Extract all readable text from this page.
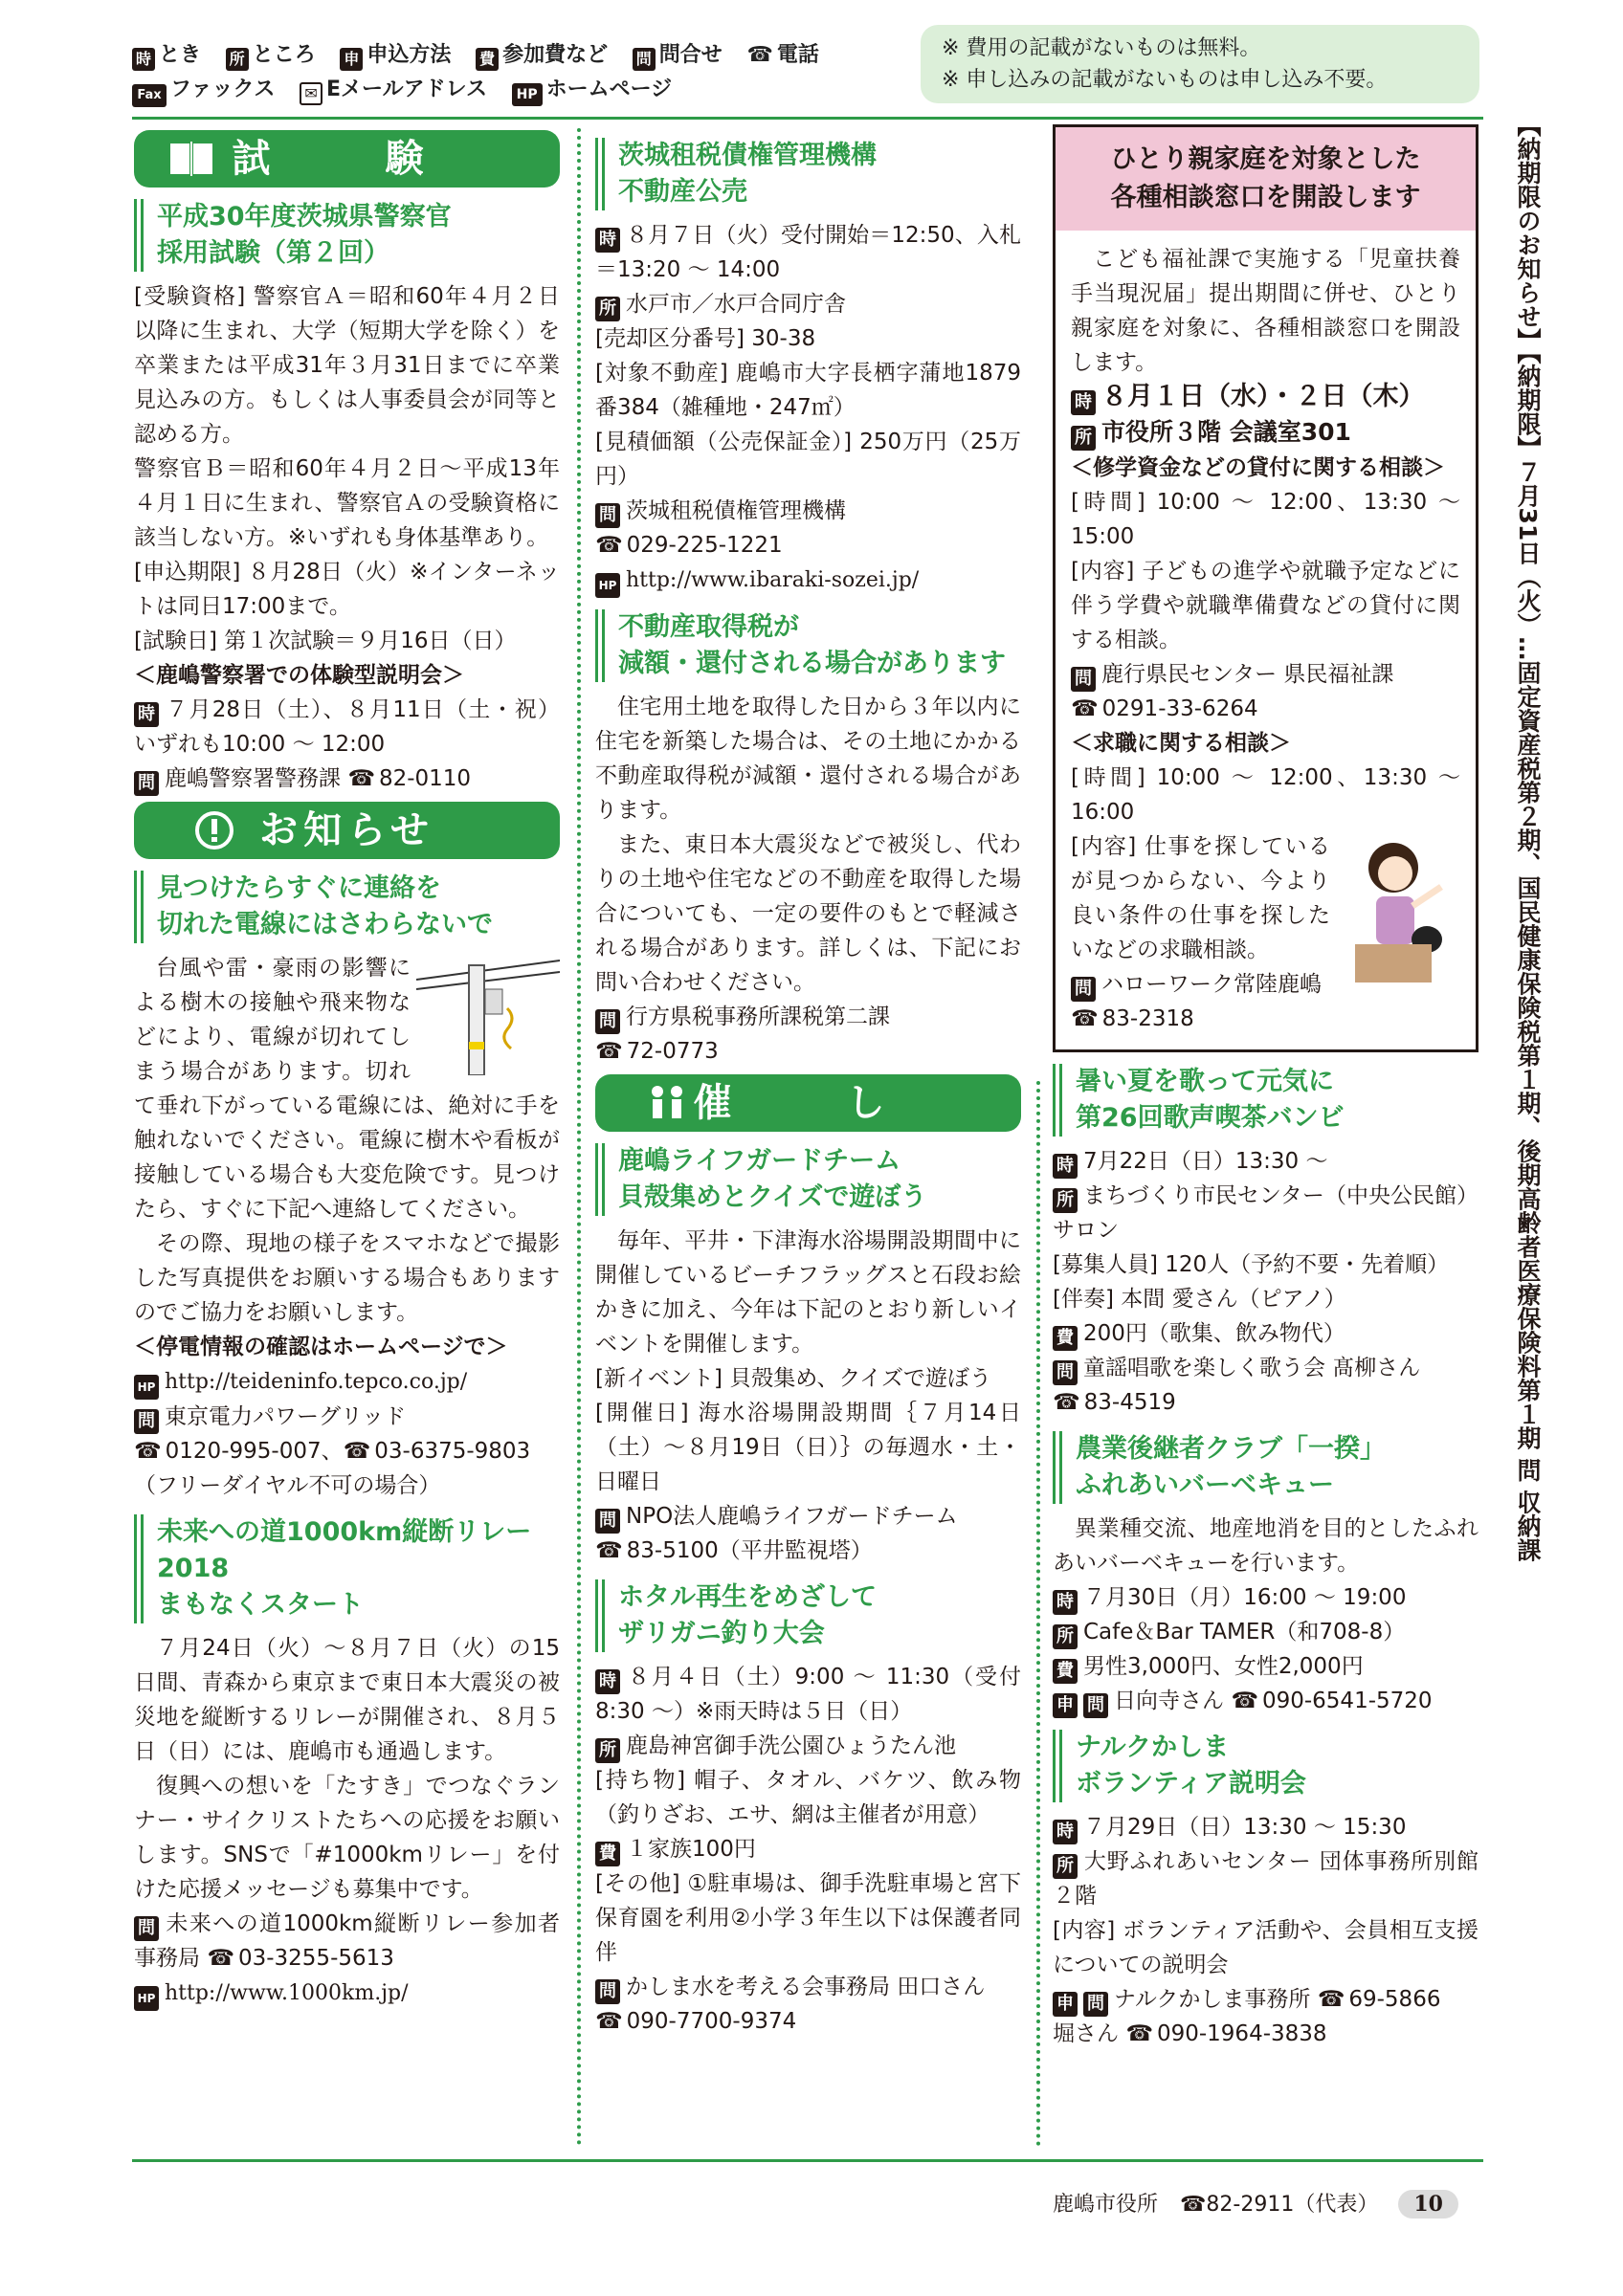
時 とき 所 ところ 申 申込方法 費 参加費など 問 問合せ ☎ 電話
Fax ファックス ✉ Eメールアドレス HP ホームページ
※ 費用の記載がないものは無料。
※ 申し込みの記載がないものは申し込み不要。
試　験
平成30年度茨城県警察官
採用試験（第２回）

[受験資格] 警察官Ａ＝昭和60年４月２日以降に生まれ、大学（短期大学を除く）を卒業または平成31年３月31日までに卒業見込みの方。もしくは人事委員会が同等と認める方。

警察官Ｂ＝昭和60年４月２日～平成13年４月１日に生まれ、警察官Ａの受験資格に該当しない方。※いずれも身体基準あり。

[申込期限] ８月28日（火）※インターネットは同日17:00まで。

[試験日] 第１次試験＝９月16日（日）

＜鹿嶋警察署での体験型説明会＞

時 ７月28日（土）、８月11日（土・祝）いずれも10:00 ～ 12:00

問 鹿嶋警察署警務課 ☎ 82-0110

お知らせ
見つけたらすぐに連絡を
切れた電線にはさわらないで

台風や雷・豪雨の影響による樹木の接触や飛来物などにより、電線が切れてしまう場合があります。切れて垂れ下がっている電線には、絶対に手を触れないでください。電線に樹木や看板が接触している場合も大変危険です。見つけたら、すぐに下記へ連絡してください。

その際、現地の様子をスマホなどで撮影した写真提供をお願いする場合もありますのでご協力をお願いします。

＜停電情報の確認はホームページで＞

HP http://teideninfo.tepco.co.jp/

問 東京電力パワーグリッド

☎ 0120-995-007、☎ 03-6375-9803

（フリーダイヤル不可の場合）

未来への道1000km縦断リレー2018
まもなくスタート

７月24日（火）～８月７日（火）の15日間、青森から東京まで東日本大震災の被災地を縦断するリレーが開催され、８月５日（日）には、鹿嶋市も通過します。

復興への想いを「たすき」でつなぐランナー・サイクリストたちへの応援をお願いします。SNSで「#1000kmリレー」を付けた応援メッセージも募集中です。

問 未来への道1000km縦断リレー参加者事務局 ☎ 03-3255-5613

HP http://www.1000km.jp/

茨城租税債権管理機構
不動産公売

時 ８月７日（火）受付開始＝12:50、入札＝13:20 ～ 14:00

所 水戸市／水戸合同庁舎

[売却区分番号] 30-38

[対象不動産] 鹿嶋市大字長栖字蒲地1879番384（雑種地・247㎡）

[見積価額（公売保証金）] 250万円（25万円）

問 茨城租税債権管理機構

☎ 029-225-1221

HP http://www.ibaraki-sozei.jp/

不動産取得税が
減額・還付される場合があります

住宅用土地を取得した日から３年以内に住宅を新築した場合は、その土地にかかる不動産取得税が減額・還付される場合があります。

また、東日本大震災などで被災し、代わりの土地や住宅などの不動産を取得した場合についても、一定の要件のもとで軽減される場合があります。詳しくは、下記にお問い合わせください。

問 行方県税事務所課税第二課

☎ 72-0773

催　し
鹿嶋ライフガードチーム
貝殻集めとクイズで遊ぼう

毎年、平井・下津海水浴場開設期間中に開催しているビーチフラッグスと石段お絵かきに加え、今年は下記のとおり新しいイベントを開催します。

[新イベント] 貝殻集め、クイズで遊ぼう

[開催日] 海水浴場開設期間｛７月14日（土）～８月19日（日）｝の毎週水・土・日曜日

問 NPO法人鹿嶋ライフガードチーム

☎ 83-5100（平井監視塔）

ホタル再生をめざして
ザリガニ釣り大会

時 ８月４日（土）9:00 ～ 11:30（受付8:30 ～）※雨天時は５日（日）

所 鹿島神宮御手洗公園ひょうたん池

[持ち物] 帽子、タオル、バケツ、飲み物（釣りざお、エサ、網は主催者が用意）

費 １家族100円

[その他] ①駐車場は、御手洗駐車場と宮下保育園を利用②小学３年生以下は保護者同伴

問 かしま水を考える会事務局 田口さん

☎ 090-7700-9374

ひとり親家庭を対象とした
各種相談窓口を開設します

こども福祉課で実施する「児童扶養手当現況届」提出期間に併せ、ひとり親家庭を対象に、各種相談窓口を開設します。

時 ８月１日（水）・２日（木）

所 市役所３階 会議室301

＜修学資金などの貸付に関する相談＞

[時間] 10:00 ～ 12:00、13:30 ～ 15:00

[内容] 子どもの進学や就職予定などに伴う学費や就職準備費などの貸付に関する相談。

問 鹿行県民センター 県民福祉課

☎ 0291-33-6264

＜求職に関する相談＞

[時間] 10:00 ～ 12:00、13:30 ～ 16:00

[内容] 仕事を探しているが見つからない、今より良い条件の仕事を探したいなどの求職相談。

問 ハローワーク常陸鹿嶋

☎ 83-2318

暑い夏を歌って元気に
第26回歌声喫茶バンビ

時 7月22日（日）13:30 ～

所 まちづくり市民センター（中央公民館）サロン

[募集人員] 120人（予約不要・先着順）

[伴奏] 本間 愛さん（ピアノ）

費 200円（歌集、飲み物代）

問 童謡唱歌を楽しく歌う会 髙柳さん

☎ 83-4519

農業後継者クラブ「一揆」
ふれあいバーベキュー

異業種交流、地産地消を目的としたふれあいバーベキューを行います。

時 ７月30日（月）16:00 ～ 19:00

所 Cafe＆Bar TAMER（和708-8）

費 男性3,000円、女性2,000円

申 問 日向寺さん ☎ 090-6541-5720

ナルクかしま
ボランティア説明会

時 ７月29日（日）13:30 ～ 15:30

所 大野ふれあいセンター 団体事務所別館２階

[内容] ボランティア活動や、会員相互支援についての説明会

申 問 ナルクかしま事務所 ☎ 69-5866

堀さん ☎ 090-1964-3838

【納期限のお知らせ】【納期限】７月31日（火）…固定資産税第２期、国民健康保険税第１期、後期高齢者医療保険料第１期 問 収納課
鹿嶋市役所 ☎82-2911（代表） 10
